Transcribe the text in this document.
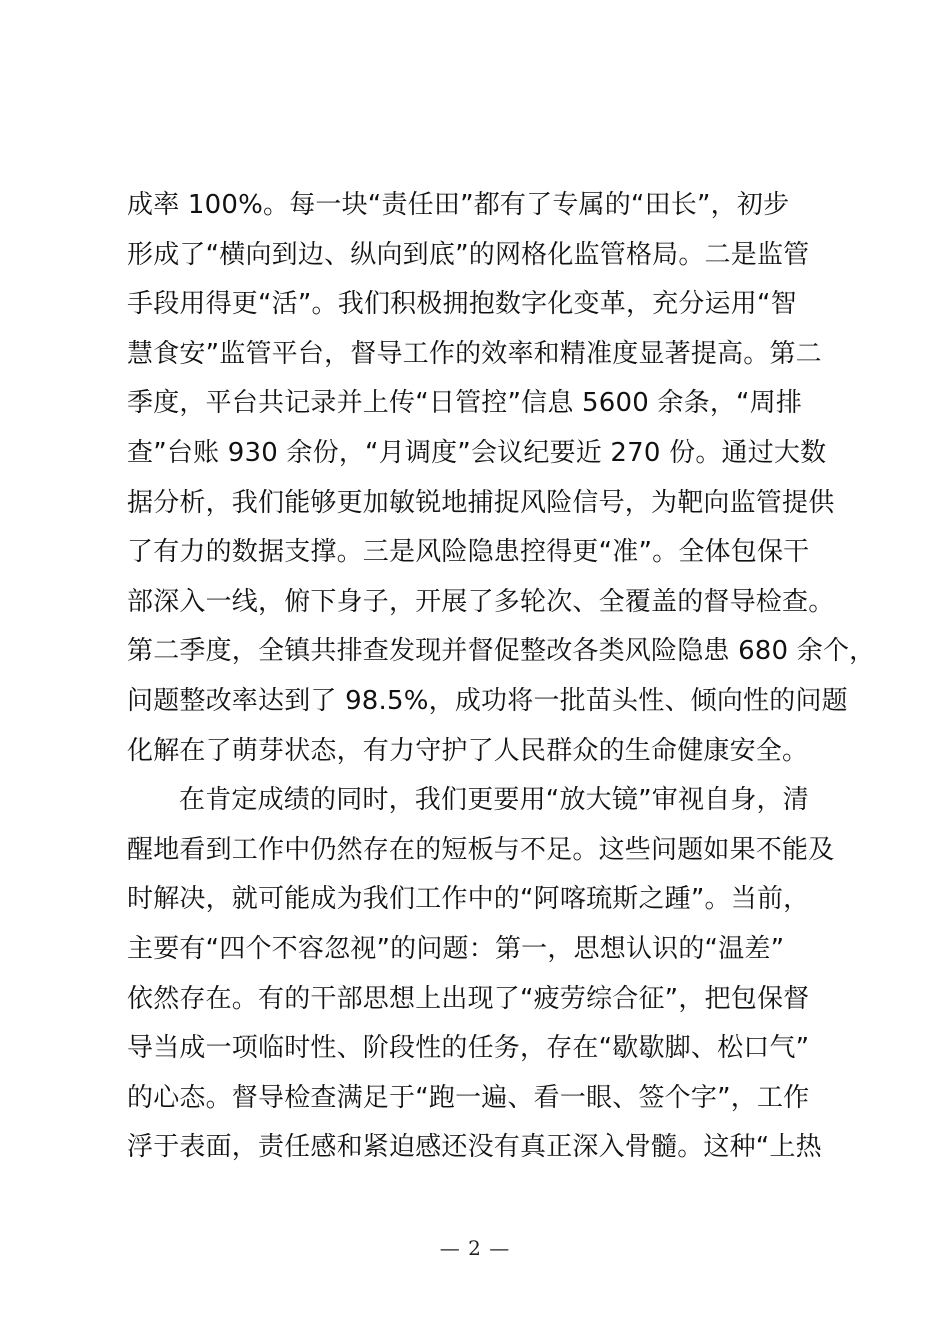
成率 100%。每一块“责任田”都有了专属的“田长”，初步
形成了“横向到边、纵向到底”的网格化监管格局。二是监管
手段用得更“活”。我们积极拥抱数字化变革，充分运用“智
慧食安”监管平台，督导工作的效率和精准度显著提高。第二
季度，平台共记录并上传“日管控”信息 5600 余条，“周排
查”台账 930 余份，“月调度”会议纪要近 270 份。通过大数
据分析，我们能够更加敏锐地捕捉风险信号，为靶向监管提供
了有力的数据支撑。三是风险隐患控得更“准”。全体包保干
部深入一线，俯下身子，开展了多轮次、全覆盖的督导检查。
第二季度，全镇共排查发现并督促整改各类风险隐患 680 余个，
问题整改率达到了 98.5%，成功将一批苗头性、倾向性的问题
化解在了萌芽状态，有力守护了人民群众的生命健康安全。
在肯定成绩的同时，我们更要用“放大镜”审视自身，清
醒地看到工作中仍然存在的短板与不足。这些问题如果不能及
时解决，就可能成为我们工作中的“阿喀琉斯之踵”。当前，
主要有“四个不容忽视”的问题：第一，思想认识的“温差”
依然存在。有的干部思想上出现了“疲劳综合征”，把包保督
导当成一项临时性、阶段性的任务，存在“歇歇脚、松口气”
的心态。督导检查满足于“跑一遍、看一眼、签个字”，工作
浮于表面，责任感和紧迫感还没有真正深入骨髓。这种“上热
— 2 —
